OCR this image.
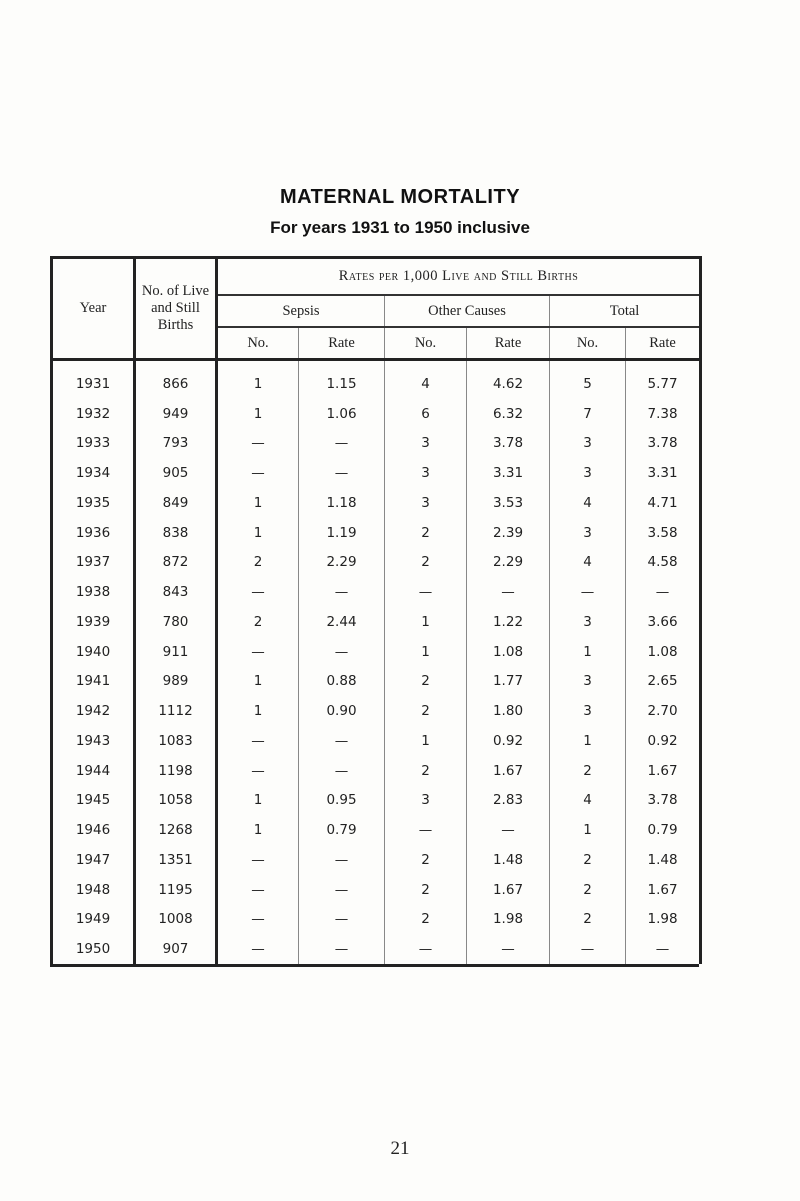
MATERNAL MORTALITY
For years 1931 to 1950 inclusive
Year	No. of Live and Still Births	Rates per 1,000 Live and Still Births					
		Sepsis		Other Causes		Total	
		No.	Rate	No.	Rate	No.	Rate
1931	866	1	1.15	4	4.62	5	5.77
1932	949	1	1.06	6	6.32	7	7.38
1933	793	—	—	3	3.78	3	3.78
1934	905	—	—	3	3.31	3	3.31
1935	849	1	1.18	3	3.53	4	4.71
1936	838	1	1.19	2	2.39	3	3.58
1937	872	2	2.29	2	2.29	4	4.58
1938	843	—	—	—	—	—	—
1939	780	2	2.44	1	1.22	3	3.66
1940	911	—	—	1	1.08	1	1.08
1941	989	1	0.88	2	1.77	3	2.65
1942	1112	1	0.90	2	1.80	3	2.70
1943	1083	—	—	1	0.92	1	0.92
1944	1198	—	—	2	1.67	2	1.67
1945	1058	1	0.95	3	2.83	4	3.78
1946	1268	1	0.79	—	—	1	0.79
1947	1351	—	—	2	1.48	2	1.48
1948	1195	—	—	2	1.67	2	1.67
1949	1008	—	—	2	1.98	2	1.98
1950	907	—	—	—	—	—	—
21
